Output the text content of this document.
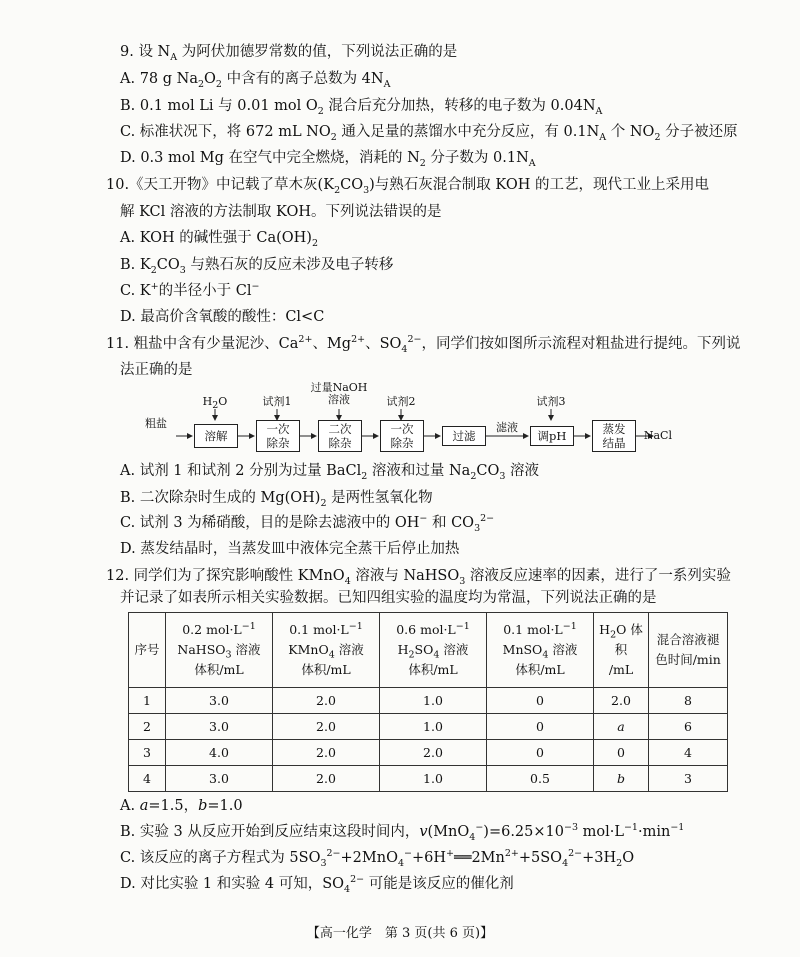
9. 设 $N_A$ 为阿伏加德罗常数的值，下列说法正确的是
A. 78 g $Na_2O_2$ 中含有的离子总数为 $4N_A$
B. 0.1 mol Li 与 0.01 mol $O_2$ 混合后充分加热，转移的电子数为 $0.04N_A$
C. 标准状况下，将 672 mL $NO_2$ 通入足量的蒸馏水中充分反应，有 $0.1N_A$ 个 $NO_2$ 分子被还原
D. 0.3 mol Mg 在空气中完全燃烧，消耗的 $N_2$ 分子数为 $0.1N_A$
10.《天工开物》中记载了草木灰$(K_2CO_3)$与熟石灰混合制取 KOH 的工艺，现代工业上采用电
解 KCl 溶液的方法制取 KOH。下列说法错误的是
A. KOH 的碱性强于 $Ca(OH)_2$
B. $K_2CO_3$ 与熟石灰的反应未涉及电子转移
C. K+的半径小于 Cl−
D. 最高价含氧酸的酸性：Cl<C
11. 粗盐中含有少量泥沙、$Ca^{2+}$、$Mg^{2+}$、$SO_4^{2-}$，同学们按如图所示流程对粗盐进行提纯。下列说
法正确的是
粗盐
溶解	一次
除杂
二次
除杂
一次
除杂	过滤	调pH	蒸发
结晶
$H_2O$	试剂1
过量NaOH
溶液	试剂2	试剂3
滤液
NaCl
A. 试剂 1 和试剂 2 分别为过量 BaCl$_2$ 溶液和过量 $Na_2CO_3$ 溶液
B. 二次除杂时生成的 $Mg(OH)_2$ 是两性氢氧化物
C. 试剂 3 为稀硝酸，目的是除去滤液中的 OH− 和 $CO_3^{2-}$
D. 蒸发结晶时，当蒸发皿中液体完全蒸干后停止加热
12. 同学们为了探究影响酸性 KMnO$_4$ 溶液与 NaHSO$_3$ 溶液反应速率的因素，进行了一系列实验
并记录了如表所示相关实验数据。已知四组实验的温度均为常温，下列说法正确的是
序号	0.2 $mol\cdot L^{-1}$
NaHSO$_3$ 溶液
体积/mL	0.1 $mol\cdot L^{-1}$
KMnO$_4$ 溶液
体积/mL	0.6 $mol\cdot L^{-1}$
$H_2SO_4$ 溶液
体积/mL	0.1 $mol\cdot L^{-1}$
MnSO$_4$ 溶液
体积/mL	$H_2O$ 体积
/mL	混合溶液褪
色时间/min
1	3.0	2.0	1.0	0	2.0	8
2	3.0	2.0	1.0	0	a	6
3	4.0	2.0	2.0	0	0	4
4	3.0	2.0	1.0	0.5	b	3
A. a=1.5，b=1.0
B. 实验 3 从反应开始到反应结束这段时间内，$v(MnO_4^-)=6.25\times 10^{-3}$ $mol\cdot L^{-1}\cdot\min^{-1}$
C. 该反应的离子方程式为 $5SO_3^{2-}+2MnO_4^-+6H^+══2Mn^{2+}+5SO_4^{2-}+3H_2O$
D. 对比实验 1 和实验 4 可知，$SO_4^{2-}$ 可能是该反应的催化剂
【高一化学　第 3 页(共 6 页)】
